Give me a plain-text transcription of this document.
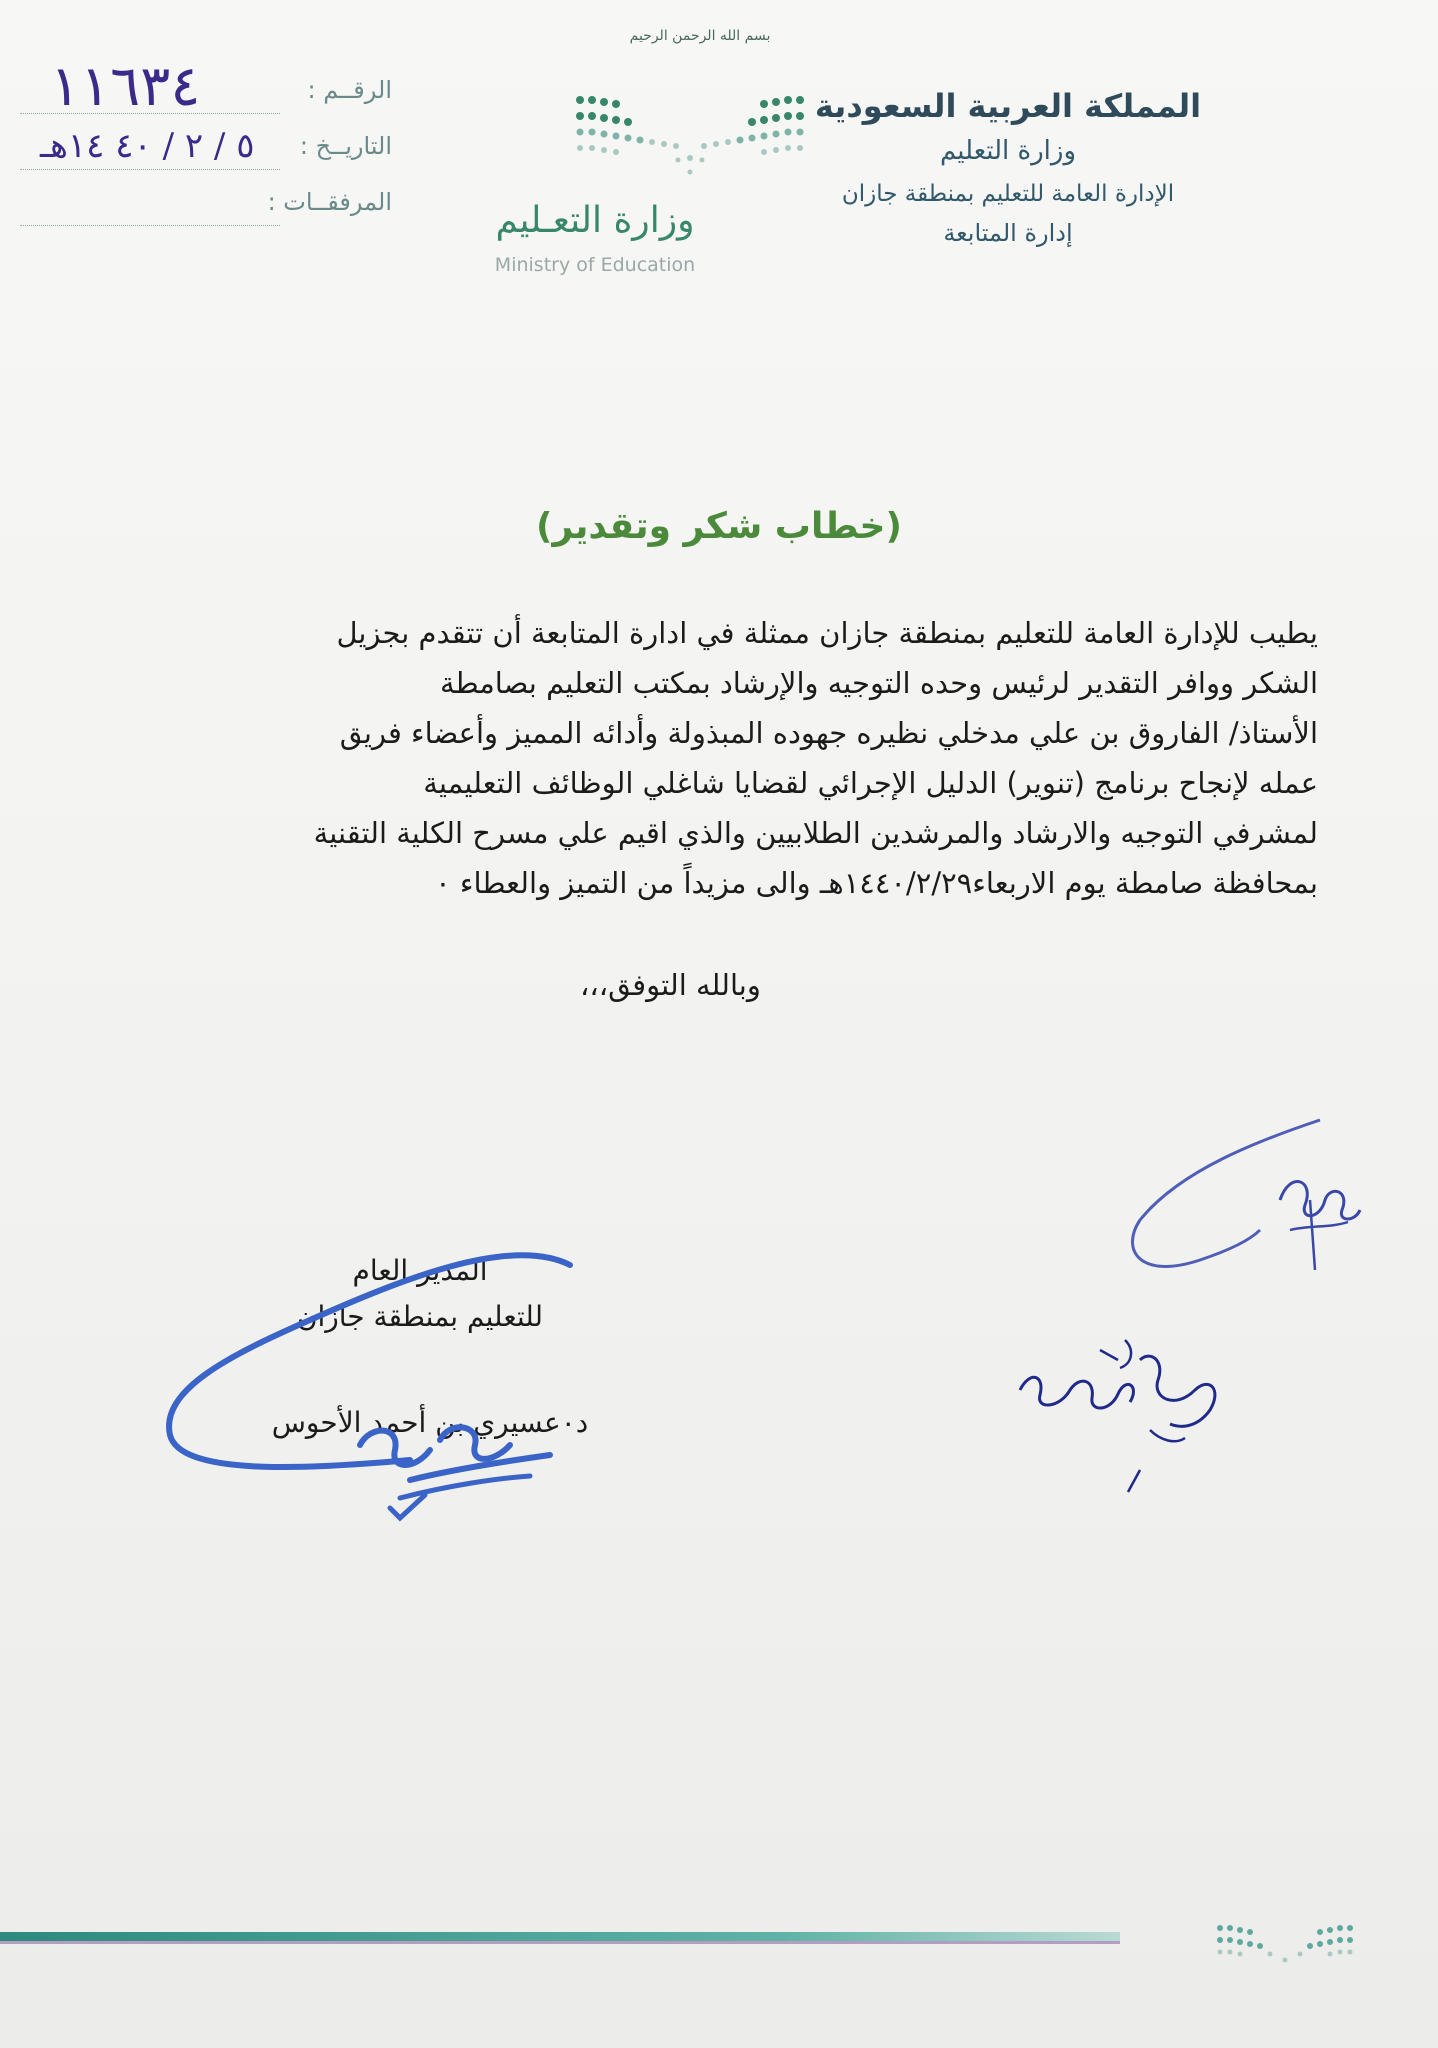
المملكة العربية السعودية
وزارة التعليم
الإدارة العامة للتعليم بمنطقة جازان
إدارة المتابعة
بسم الله الرحمن الرحيم
وزارة التعـليم
Ministry of Education
الرقــم :
١١٦٣٤
التاريــخ :
٥ / ٢ / ٤٠ ١٤هـ
المرفقــات :
(خطاب شكر وتقدير)
يطيب للإدارة العامة للتعليم بمنطقة جازان ممثلة في ادارة المتابعة أن تتقدم بجزيل
الشكر ووافر التقدير لرئيس وحده التوجيه والإرشاد بمكتب التعليم بصامطة
الأستاذ/ الفاروق بن علي مدخلي نظيره جهوده المبذولة وأدائه المميز وأعضاء فريق
عمله لإنجاح برنامج (تنوير) الدليل الإجرائي لقضايا شاغلي الوظائف التعليمية
لمشرفي التوجيه والارشاد والمرشدين الطلابيين والذي اقيم علي مسرح الكلية التقنية
بمحافظة صامطة يوم الاربعاء١٤٤٠/٢/٢٩هـ والى مزيداً من التميز والعطاء ٠
وبالله التوفق،،،
المدير العام
للتعليم بمنطقة جازان
د٠عسيري بن أحمد الأحوس
